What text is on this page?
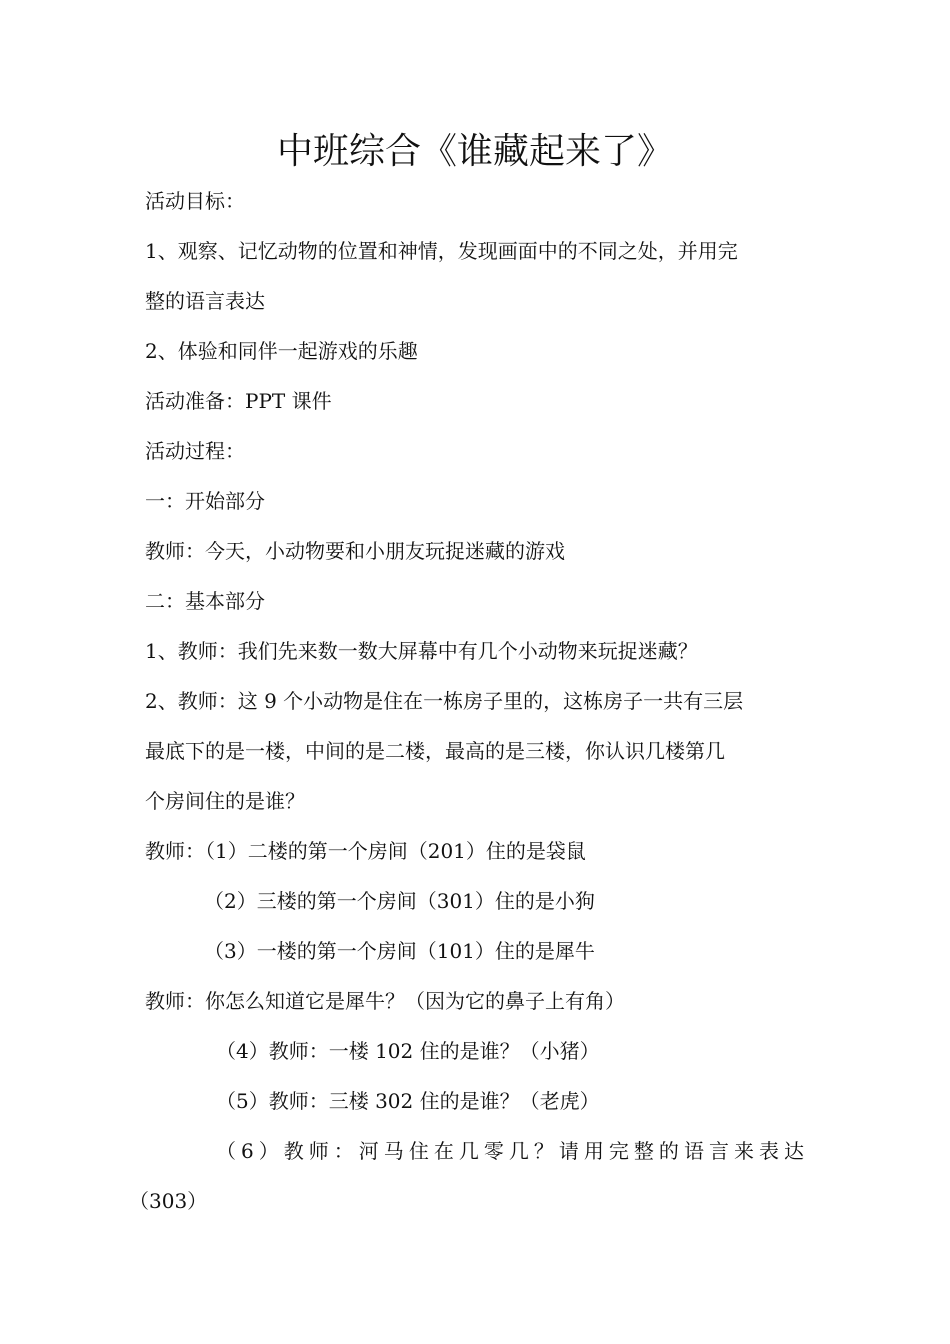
中班综合《谁藏起来了》
活动目标：
1、观察、记忆动物的位置和神情，发现画面中的不同之处，并用完
整的语言表达
2、体验和同伴一起游戏的乐趣
活动准备：PPT 课件
活动过程：
一：开始部分
教师：今天，小动物要和小朋友玩捉迷藏的游戏
二：基本部分
1、教师：我们先来数一数大屏幕中有几个小动物来玩捉迷藏？
2、教师：这 9 个小动物是住在一栋房子里的，这栋房子一共有三层
最底下的是一楼，中间的是二楼，最高的是三楼，你认识几楼第几
个房间住的是谁？
教师：（1）二楼的第一个房间（201）住的是袋鼠
（2）三楼的第一个房间（301）住的是小狗
（3）一楼的第一个房间（101）住的是犀牛
教师：你怎么知道它是犀牛？（因为它的鼻子上有角）
（4）教师：一楼 102 住的是谁？（小猪）
（5）教师：三楼 302 住的是谁？（老虎）
（6）教师：河马住在几零几？请用完整的语言来表达
（303）
